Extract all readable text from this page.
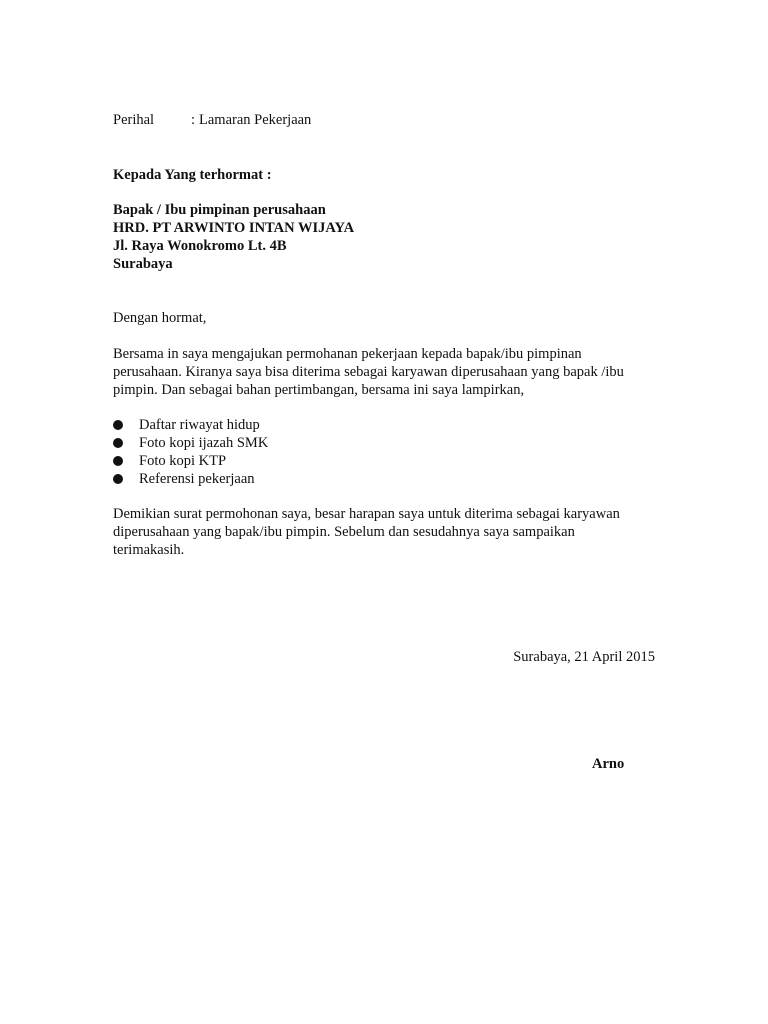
Perihal	: Lamaran Pekerjaan
Kepada Yang terhormat :
Bapak / Ibu pimpinan perusahaan
HRD. PT ARWINTO INTAN WIJAYA
Jl. Raya Wonokromo Lt. 4B
Surabaya
Dengan hormat,
Bersama in saya mengajukan permohanan pekerjaan kepada bapak/ibu pimpinan
perusahaan. Kiranya saya bisa diterima sebagai karyawan diperusahaan yang bapak /ibu
pimpin. Dan sebagai bahan pertimbangan, bersama ini saya lampirkan,
Daftar riwayat hidup
Foto kopi ijazah SMK
Foto kopi KTP
Referensi pekerjaan
Demikian surat permohonan saya, besar harapan saya untuk diterima sebagai karyawan
diperusahaan yang bapak/ibu pimpin. Sebelum dan sesudahnya saya sampaikan
terimakasih.
Surabaya, 21 April 2015
Arno
